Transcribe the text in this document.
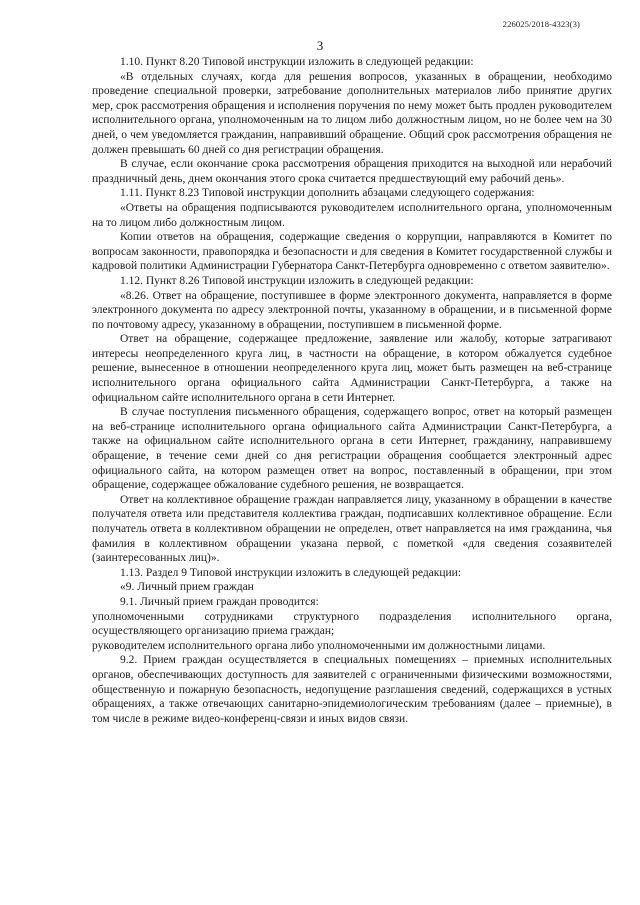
226025/2018-4323(3)
3

1.10. Пункт 8.20 Типовой инструкции изложить в следующей редакции:

«В отдельных случаях, когда для решения вопросов, указанных в обращении, необходимо проведение специальной проверки, затребование дополнительных материалов либо принятие других мер, срок рассмотрения обращения и исполнения поручения по нему может быть продлен руководителем исполнительного органа, уполномоченным на то лицом либо должностным лицом, но не более чем на 30 дней, о чем уведомляется гражданин, направивший обращение. Общий срок рассмотрения обращения не должен превышать 60 дней со дня регистрации обращения.

В случае, если окончание срока рассмотрения обращения приходится на выходной или нерабочий праздничный день, днем окончания этого срока считается предшествующий ему рабочий день».

1.11. Пункт 8.23 Типовой инструкции дополнить абзацами следующего содержания:

«Ответы на обращения подписываются руководителем исполнительного органа, уполномоченным на то лицом либо должностным лицом.

Копии ответов на обращения, содержащие сведения о коррупции, направляются в Комитет по вопросам законности, правопорядка и безопасности и для сведения в Комитет государственной службы и кадровой политики Администрации Губернатора Санкт-Петербурга одновременно с ответом заявителю».

1.12. Пункт 8.26 Типовой инструкции изложить в следующей редакции:

«8.26. Ответ на обращение, поступившее в форме электронного документа, направляется в форме электронного документа по адресу электронной почты, указанному в обращении, и в письменной форме по почтовому адресу, указанному в обращении, поступившем в письменной форме.

Ответ на обращение, содержащее предложение, заявление или жалобу, которые затрагивают интересы неопределенного круга лиц, в частности на обращение, в котором обжалуется судебное решение, вынесенное в отношении неопределенного круга лиц, может быть размещен на веб-странице исполнительного органа официального сайта Администрации Санкт-Петербурга, а также на официальном сайте исполнительного органа в сети Интернет.

В случае поступления письменного обращения, содержащего вопрос, ответ на который размещен на веб-странице исполнительного органа официального сайта Администрации Санкт-Петербурга, а также на официальном сайте исполнительного органа в сети Интернет, гражданину, направившему обращение, в течение семи дней со дня регистрации обращения сообщается электронный адрес официального сайта, на котором размещен ответ на вопрос, поставленный в обращении, при этом обращение, содержащее обжалование судебного решения, не возвращается.

Ответ на коллективное обращение граждан направляется лицу, указанному в обращении в качестве получателя ответа или представителя коллектива граждан, подписавших коллективное обращение. Если получатель ответа в коллективном обращении не определен, ответ направляется на имя гражданина, чья фамилия в коллективном обращении указана первой, с пометкой «для сведения созаявителей (заинтересованных лиц)».

1.13. Раздел 9 Типовой инструкции изложить в следующей редакции:

«9. Личный прием граждан

9.1. Личный прием граждан проводится:

уполномоченными сотрудниками структурного подразделения исполнительного органа, осуществляющего организацию приема граждан;

руководителем исполнительного органа либо уполномоченными им должностными лицами.

9.2. Прием граждан осуществляется в специальных помещениях – приемных исполнительных органов, обеспечивающих доступность для заявителей с ограниченными физическими возможностями, общественную и пожарную безопасность, недопущение разглашения сведений, содержащихся в устных обращениях, а также отвечающих санитарно-эпидемиологическим требованиям (далее – приемные), в том числе в режиме видео-конференц-связи и иных видов связи.
